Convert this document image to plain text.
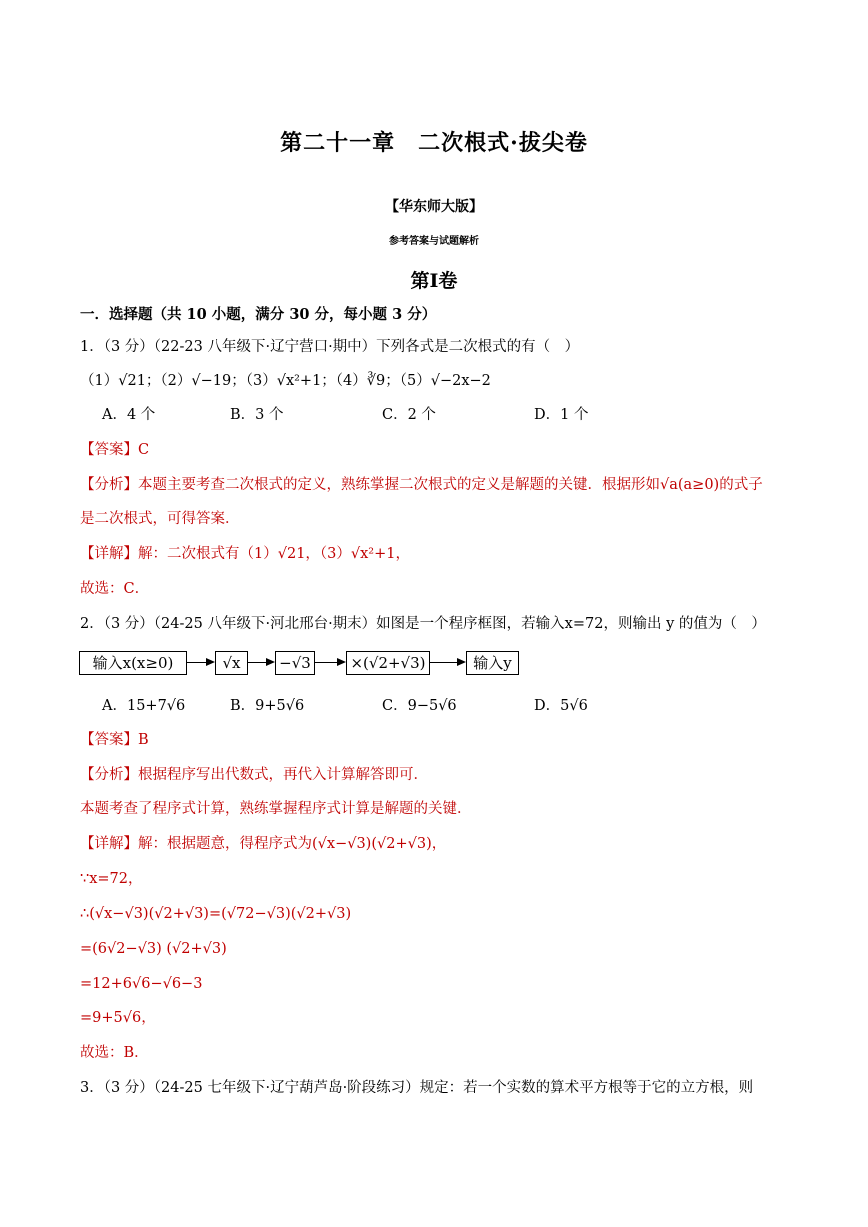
第二十一章　二次根式·拔尖卷
【华东师大版】
参考答案与试题解析
第Ⅰ卷
一．选择题（共 10 小题，满分 30 分，每小题 3 分）
1．（3 分）（22-23 八年级下·辽宁营口·期中）下列各式是二次根式的有（　）
（1）√21；（2）√−19；（3）√x²+1；（4）∛9；（5）√−2x−2
A．4 个	B．3 个	C．2 个	D．1 个
【答案】C
【分析】本题主要考查二次根式的定义，熟练掌握二次根式的定义是解题的关键．根据形如√a(a≥0)的式子
是二次根式，可得答案．
【详解】解：二次根式有（1）√21，（3）√x²+1，
故选：C．
2．（3 分）（24-25 八年级下·河北邢台·期末）如图是一个程序框图，若输入x=72，则输出 y 的值为（　）
输入x(x≥0)	√x	−√3	×(√2+√3)	输入y
A．15+7√6	B．9+5√6	C．9−5√6	D．5√6
【答案】B
【分析】根据程序写出代数式，再代入计算解答即可．
本题考查了程序式计算，熟练掌握程序式计算是解题的关键．
【详解】解：根据题意，得程序式为(√x−√3)(√2+√3)，
∵x=72，
∴(√x−√3)(√2+√3)=(√72−√3)(√2+√3)
=(6√2−√3) (√2+√3)
=12+6√6−√6−3
=9+5√6，
故选：B．
3．（3 分）（24-25 七年级下·辽宁葫芦岛·阶段练习）规定：若一个实数的算术平方根等于它的立方根，则
